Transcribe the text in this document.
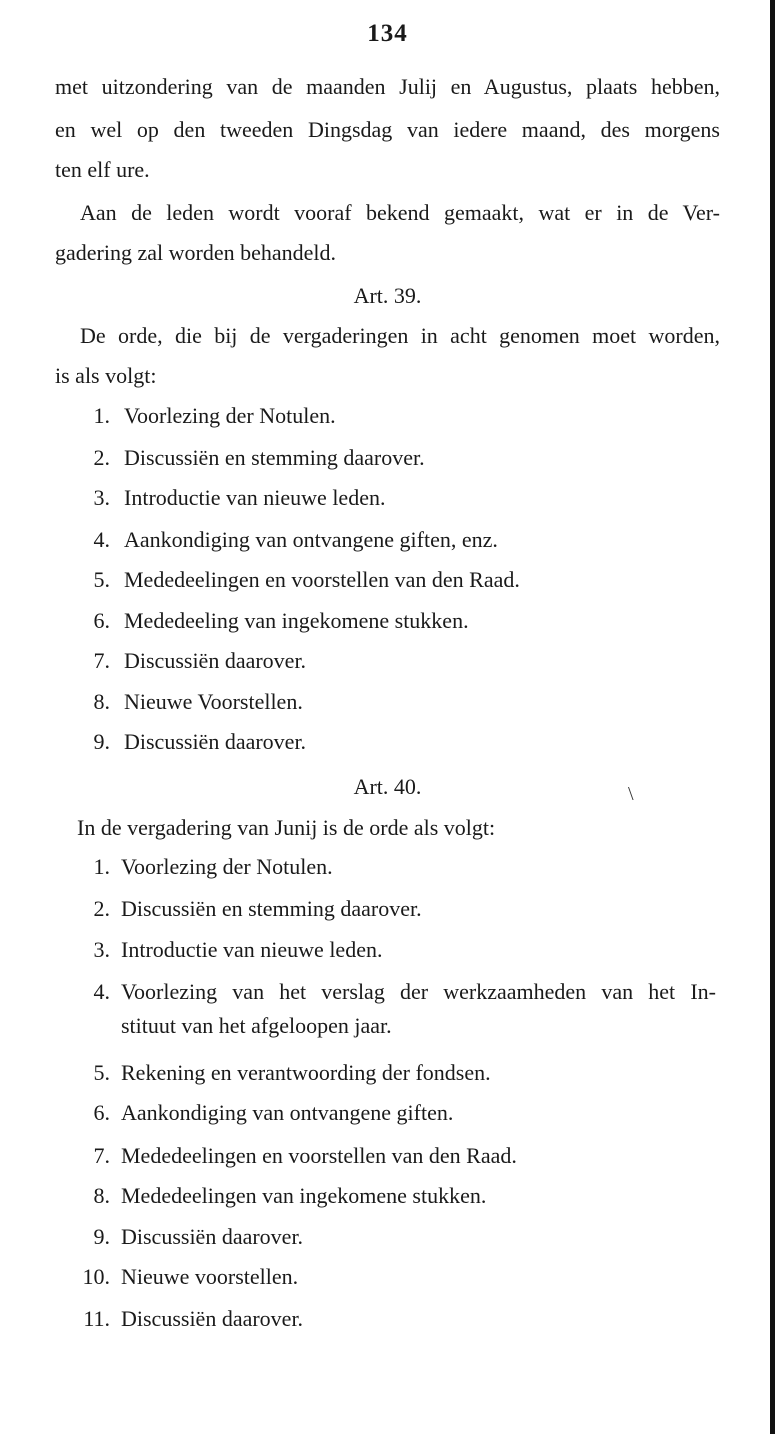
134
met uitzondering van de maanden Julij en Augustus, plaats hebben,
en wel op den tweeden Dingsdag van iedere maand, des morgens
ten elf ure.
Aan de leden wordt vooraf bekend gemaakt, wat er in de Ver-
gadering zal worden behandeld.
Art. 39.
De orde, die bij de vergaderingen in acht genomen moet worden,
is als volgt:
1. Voorlezing der Notulen.
2. Discussiën en stemming daarover.
3. Introductie van nieuwe leden.
4. Aankondiging van ontvangene giften, enz.
5. Mededeelingen en voorstellen van den Raad.
6. Mededeeling van ingekomene stukken.
7. Discussiën daarover.
8. Nieuwe Voorstellen.
9. Discussiën daarover.
Art. 40.	\
In de vergadering van Junij is de orde als volgt:
1. Voorlezing der Notulen.
2. Discussiën en stemming daarover.
3. Introductie van nieuwe leden.
4. Voorlezing van het verslag der werkzaamheden van het In-
stituut van het afgeloopen jaar.
5. Rekening en verantwoording der fondsen.
6. Aankondiging van ontvangene giften.
7. Mededeelingen en voorstellen van den Raad.
8. Mededeelingen van ingekomene stukken.
9. Discussiën daarover.
10. Nieuwe voorstellen.
11. Discussiën daarover.
